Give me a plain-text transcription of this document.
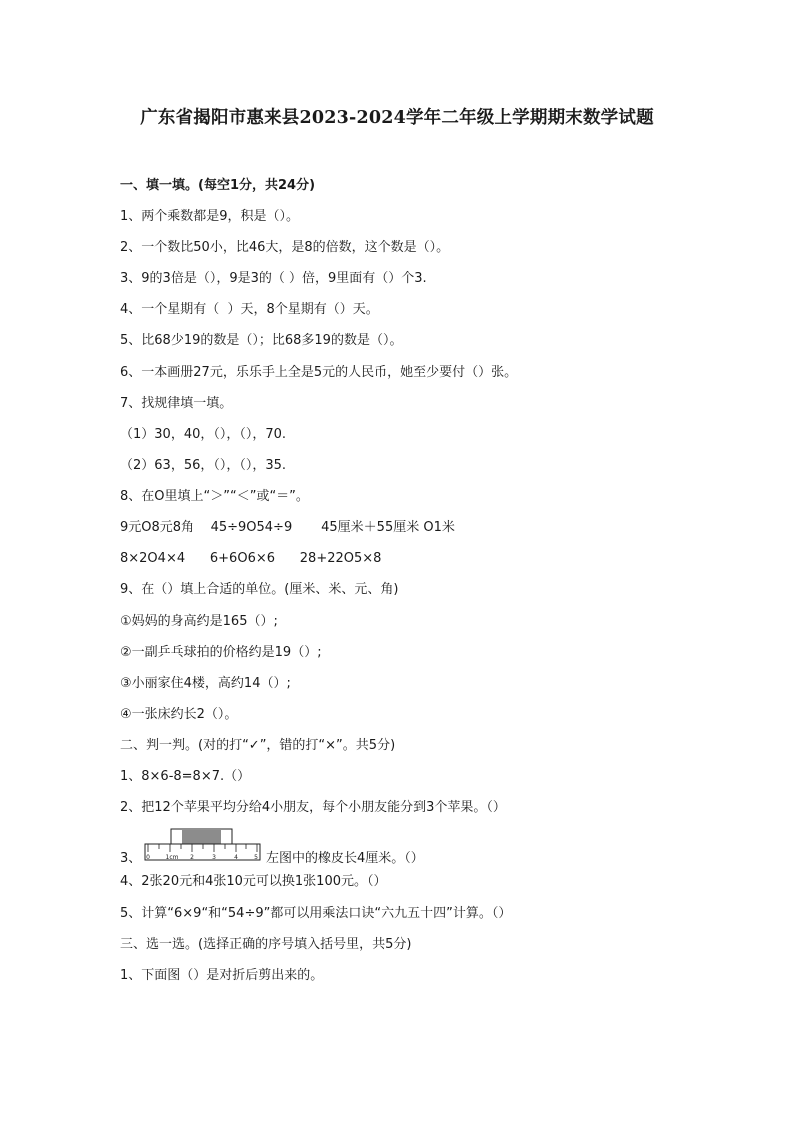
广东省揭阳市惠来县2023-2024学年二年级上学期期末数学试题
一、填一填。(每空1分，共24分)
1、两个乘数都是9，积是（）。
2、一个数比50小，比46大，是8的倍数，这个数是（）。
3、9的3倍是（），9是3的（ ）倍，9里面有（）个3.
4、一个星期有（  ）天，8个星期有（）天。
5、比68少19的数是（）；比68多19的数是（）。
6、一本画册27元，乐乐手上全是5元的人民币，她至少要付（）张。
7、找规律填一填。
（1）30，40，（），（），70.
（2）63，56，（），（），35.
8、在O里填上“＞”“＜”或“＝”。
9元O8元8角    45÷9O54÷9       45厘米＋55厘米 O1米
8×2O4×4      6+6O6×6      28+22O5×8
9、在（）填上合适的单位。(厘米、米、元、角)
①妈妈的身高约是165（）;
②一副乒乓球拍的价格约是19（）;
③小丽家住4楼，高约14（）;
④一张床约长2（）。
二、判一判。(对的打“✓”，错的打“×”。共5分)
1、8×6-8=8×7.（）
2、把12个苹果平均分给4小朋友，每个小朋友能分到3个苹果。（）
3、 0	1cm 2	3	4	5 左图中的橡皮长4厘米。（）
4、2张20元和4张10元可以换1张100元。（）
5、计算“6×9“和“54÷9”都可以用乘法口诀“六九五十四”计算。（）
三、选一选。(选择正确的序号填入括号里，共5分)
1、下面图（）是对折后剪出来的。
